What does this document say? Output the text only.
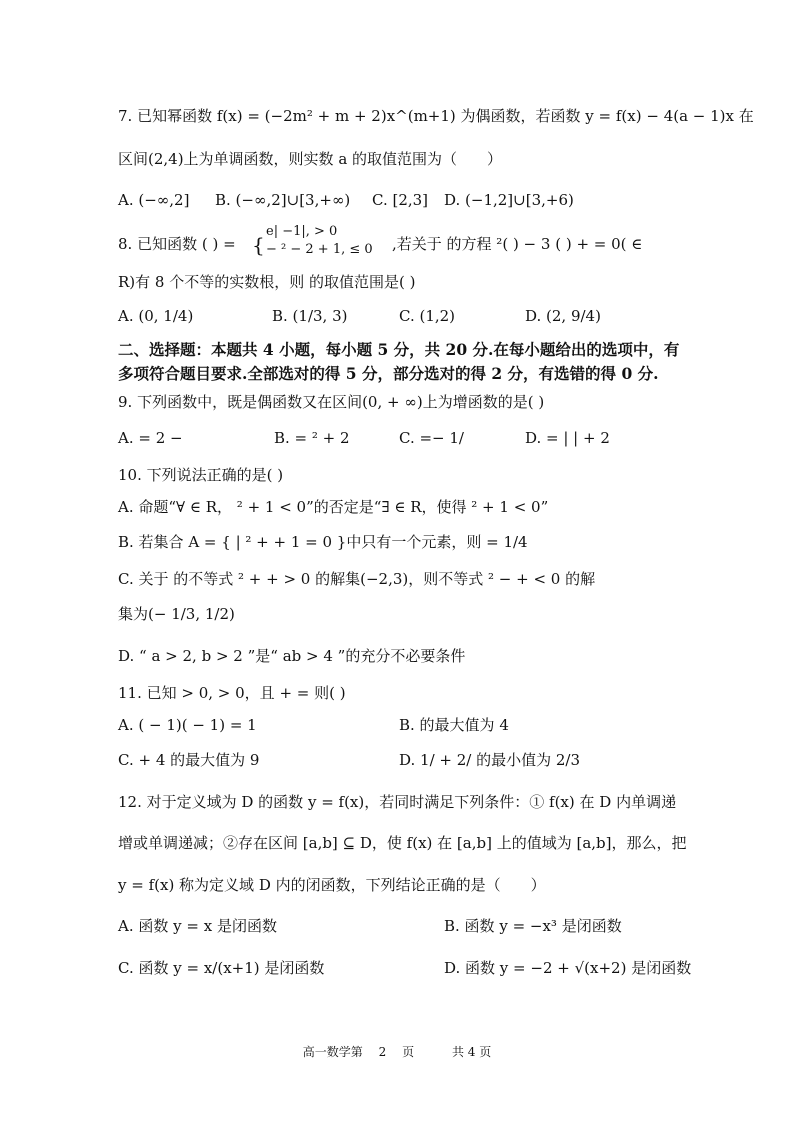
7. 已知幂函数 f(x) = (−2m² + m + 2)x^(m+1) 为偶函数，若函数 y = f(x) − 4(a − 1)x 在
区间(2,4)上为单调函数，则实数 a 的取值范围为（　　）
A. (−∞,2] B. (−∞,2]∪[3,+∞) C. [2,3] D. (−1,2]∪[3,+6)
8. 已知函数 ( ) = {
e| −1|, > 0
− ² − 2 + 1, ≤ 0 ,若关于 的方程 ²( ) − 3 ( ) + = 0( ∈
R)有 8 个不等的实数根，则 的取值范围是( )
A. (0, 1/4)	B. (1/3, 3)	C. (1,2)	D. (2, 9/4)
二、选择题：本题共 4 小题，每小题 5 分，共 20 分.在每小题给出的选项中，有
多项符合题目要求.全部选对的得 5 分，部分选对的得 2 分，有选错的得 0 分.
9. 下列函数中，既是偶函数又在区间(0, + ∞)上为增函数的是( )
A. = 2 −	B. = ² + 2	C. =− 1/	D. = | | + 2
10. 下列说法正确的是( )
A. 命题“∀ ∈ R， ² + 1 < 0”的否定是“∃ ∈ R，使得 ² + 1 < 0”
B. 若集合 A = { | ² + + 1 = 0 }中只有一个元素，则 = 1/4
C. 关于 的不等式 ² + + > 0 的解集(−2,3)，则不等式 ² − + < 0 的解
集为(− 1/3, 1/2)
D. “ a > 2, b > 2 ”是“ ab > 4 ”的充分不必要条件
11. 已知 > 0, > 0，且 + = 则( )
A. ( − 1)( − 1) = 1	B. 的最大值为 4
C. + 4 的最大值为 9	D. 1/ + 2/ 的最小值为 2/3
12. 对于定义域为 D 的函数 y = f(x)，若同时满足下列条件：① f(x) 在 D 内单调递
增或单调递减；②存在区间 [a,b] ⊆ D，使 f(x) 在 [a,b] 上的值域为 [a,b]，那么，把
y = f(x) 称为定义域 D 内的闭函数，下列结论正确的是（　　）
A. 函数 y = x 是闭函数	B. 函数 y = −x³ 是闭函数
C. 函数 y = x/(x+1) 是闭函数	D. 函数 y = −2 + √(x+2) 是闭函数
高一数学第 2 页	共 4 页
